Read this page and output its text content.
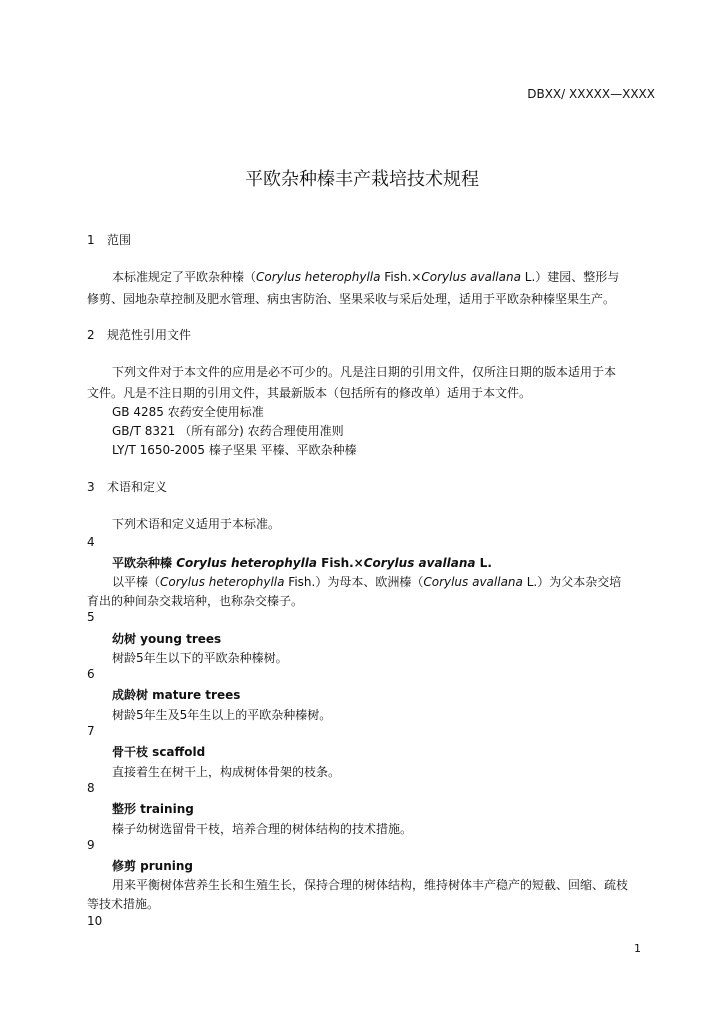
DBXX/ XXXXX—XXXX
平欧杂种榛丰产栽培技术规程
1 范围
本标准规定了平欧杂种榛（Corylus heterophylla Fish.×Corylus avallana L.）建园、整形与
修剪、园地杂草控制及肥水管理、病虫害防治、坚果采收与采后处理，适用于平欧杂种榛坚果生产。
2 规范性引用文件
下列文件对于本文件的应用是必不可少的。凡是注日期的引用文件，仅所注日期的版本适用于本
文件。凡是不注日期的引用文件，其最新版本（包括所有的修改单）适用于本文件。
GB 4285 农药安全使用标准
GB/T 8321 （所有部分) 农药合理使用准则
LY/T 1650-2005 榛子坚果 平榛、平欧杂种榛
3 术语和定义
下列术语和定义适用于本标准。
4
平欧杂种榛 Corylus heterophylla Fish.×Corylus avallana L.
以平榛（Corylus heterophylla Fish.）为母本、欧洲榛（Corylus avallana L.）为父本杂交培
育出的种间杂交栽培种，也称杂交榛子。
5
幼树 young trees
树龄5年生以下的平欧杂种榛树。
6
成龄树 mature trees
树龄5年生及5年生以上的平欧杂种榛树。
7
骨干枝 scaffold
直接着生在树干上，构成树体骨架的枝条。
8
整形 training
榛子幼树选留骨干枝，培养合理的树体结构的技术措施。
9
修剪 pruning
用来平衡树体营养生长和生殖生长，保持合理的树体结构，维持树体丰产稳产的短截、回缩、疏枝
等技术措施。
10
1
